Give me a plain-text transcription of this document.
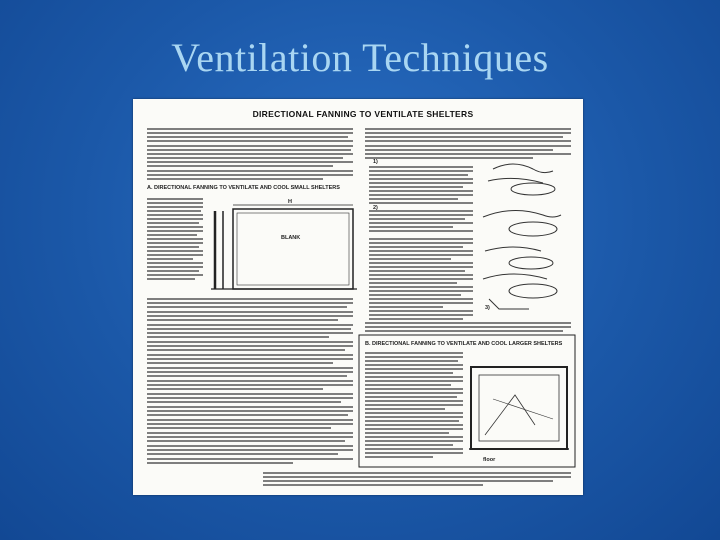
Ventilation Techniques
DIRECTIONAL FANNING TO VENTILATE SHELTERS
A. DIRECTIONAL FANNING TO VENTILATE AND COOL SMALL SHELTERS
H
BLANK
1)
2)
3)
B. DIRECTIONAL FANNING TO VENTILATE AND COOL LARGER SHELTERS
floor
